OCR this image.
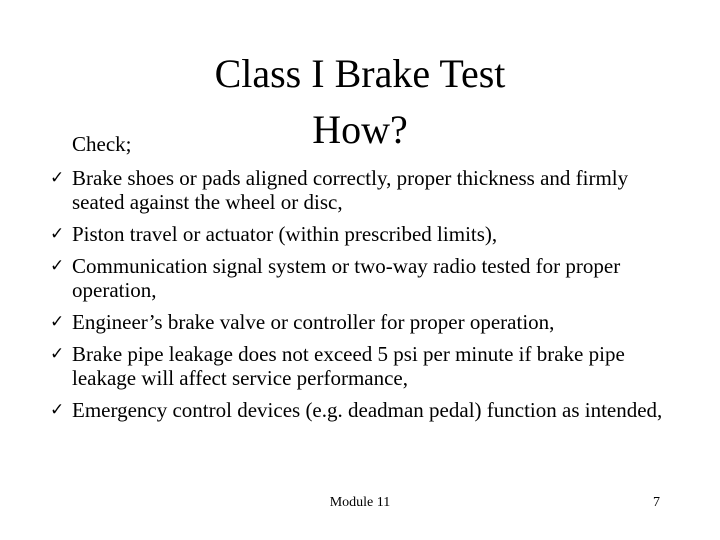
Class I Brake Test
How?

Check;

✓ Brake shoes or pads aligned correctly, proper thickness and firmly seated against the wheel or disc,
✓ Piston travel or actuator (within prescribed limits),
✓ Communication signal system or two-way radio tested for proper operation,
✓ Engineer’s brake valve or controller for proper operation,
✓ Brake pipe leakage does not exceed 5 psi per minute if brake pipe leakage will affect service performance,
✓ Emergency control devices (e.g. deadman pedal) function as intended,
Module 11	7
